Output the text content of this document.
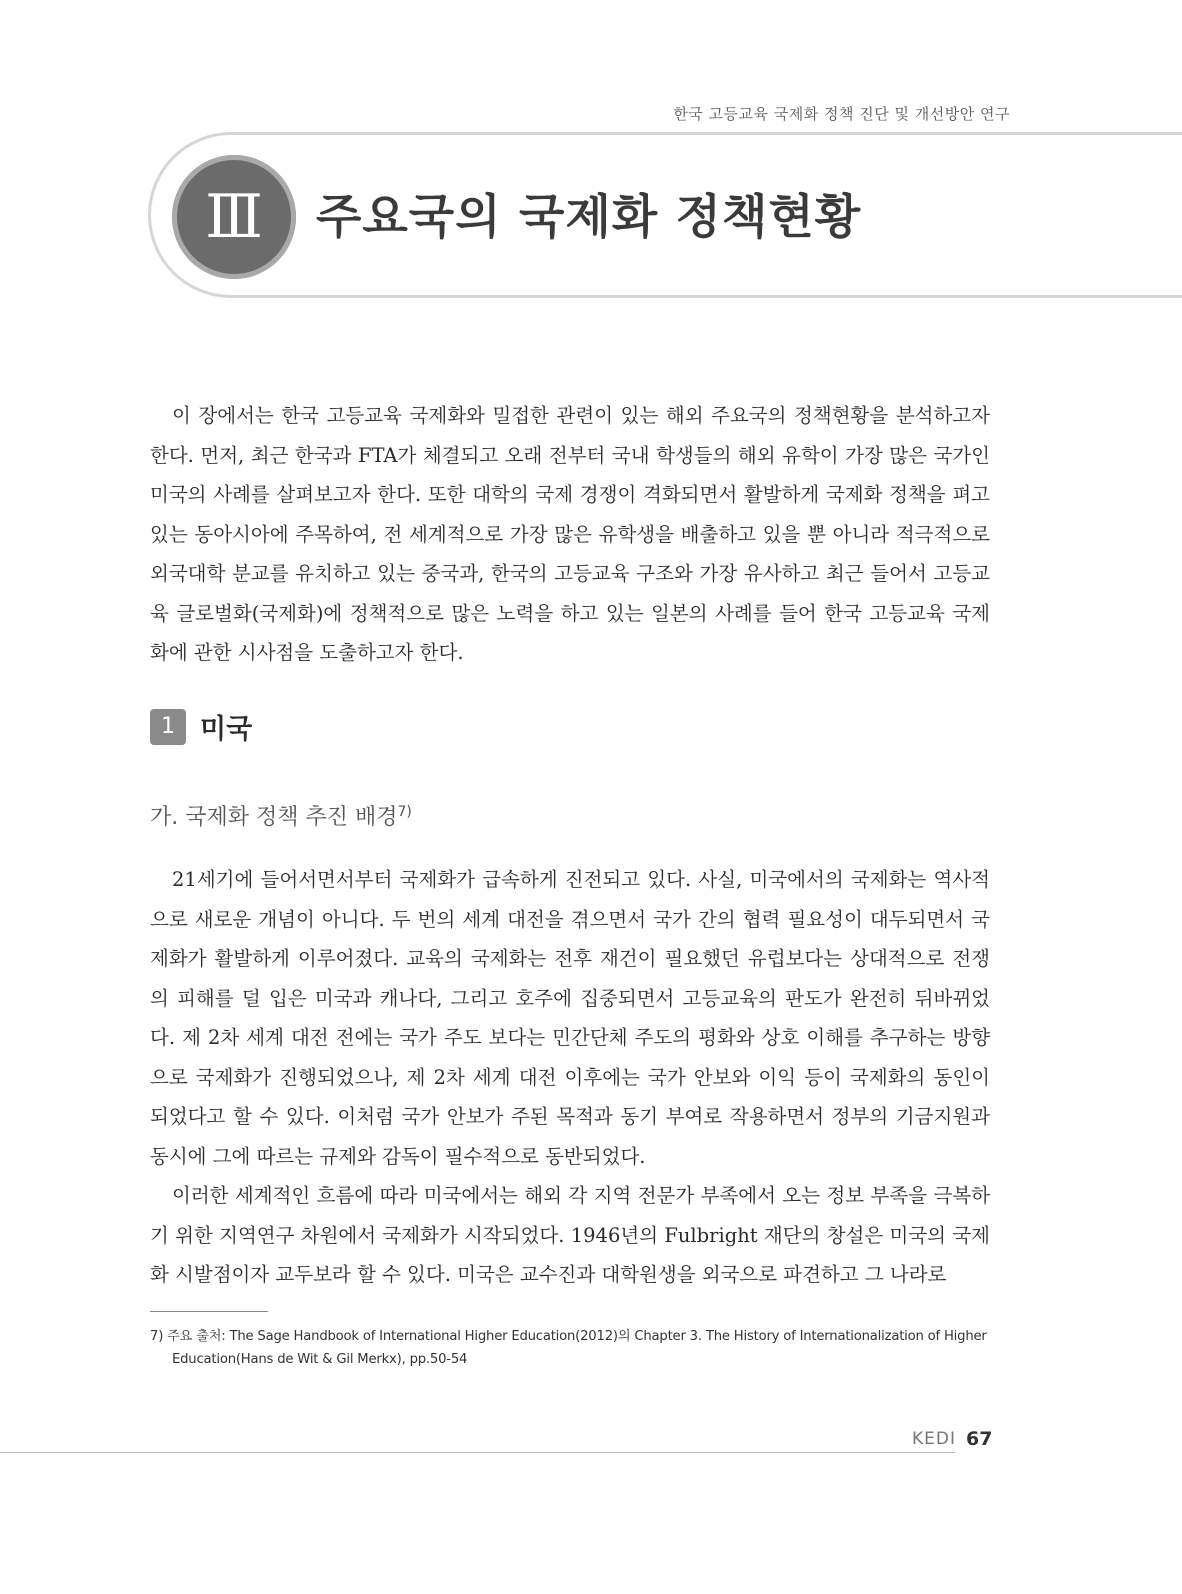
한국 고등교육 국제화 정책 진단 및 개선방안 연구
Ⅲ	주요국의 국제화 정책현황

이 장에서는 한국 고등교육 국제화와 밀접한 관련이 있는 해외 주요국의 정책현황을 분석하고자 한다. 먼저, 최근 한국과 FTA가 체결되고 오래 전부터 국내 학생들의 해외 유학이 가장 많은 국가인 미국의 사례를 살펴보고자 한다. 또한 대학의 국제 경쟁이 격화되면서 활발하게 국제화 정책을 펴고 있는 동아시아에 주목하여, 전 세계적으로 가장 많은 유학생을 배출하고 있을 뿐 아니라 적극적으로 외국대학 분교를 유치하고 있는 중국과, 한국의 고등교육 구조와 가장 유사하고 최근 들어서 고등교육 글로벌화(국제화)에 정책적으로 많은 노력을 하고 있는 일본의 사례를 들어 한국 고등교육 국제화에 관한 시사점을 도출하고자 한다.

1 미국
가. 국제화 정책 추진 배경$^{7)}$

21세기에 들어서면서부터 국제화가 급속하게 진전되고 있다. 사실, 미국에서의 국제화는 역사적으로 새로운 개념이 아니다. 두 번의 세계 대전을 겪으면서 국가 간의 협력 필요성이 대두되면서 국제화가 활발하게 이루어졌다. 교육의 국제화는 전후 재건이 필요했던 유럽보다는 상대적으로 전쟁의 피해를 덜 입은 미국과 캐나다, 그리고 호주에 집중되면서 고등교육의 판도가 완전히 뒤바뀌었다. 제 2차 세계 대전 전에는 국가 주도 보다는 민간단체 주도의 평화와 상호 이해를 추구하는 방향으로 국제화가 진행되었으나, 제 2차 세계 대전 이후에는 국가 안보와 이익 등이 국제화의 동인이 되었다고 할 수 있다. 이처럼 국가 안보가 주된 목적과 동기 부여로 작용하면서 정부의 기금지원과 동시에 그에 따르는 규제와 감독이 필수적으로 동반되었다.

이러한 세계적인 흐름에 따라 미국에서는 해외 각 지역 전문가 부족에서 오는 정보 부족을 극복하기 위한 지역연구 차원에서 국제화가 시작되었다. 1946년의 Fulbright 재단의 창설은 미국의 국제화 시발점이자 교두보라 할 수 있다. 미국은 교수진과 대학원생을 외국으로 파견하고 그 나라로

7) 주요 출처: The Sage Handbook of International Higher Education(2012)의 Chapter 3. The History of Internationalization of Higher Education(Hans de Wit & Gil Merkx), pp.50-54

KEDI 67
